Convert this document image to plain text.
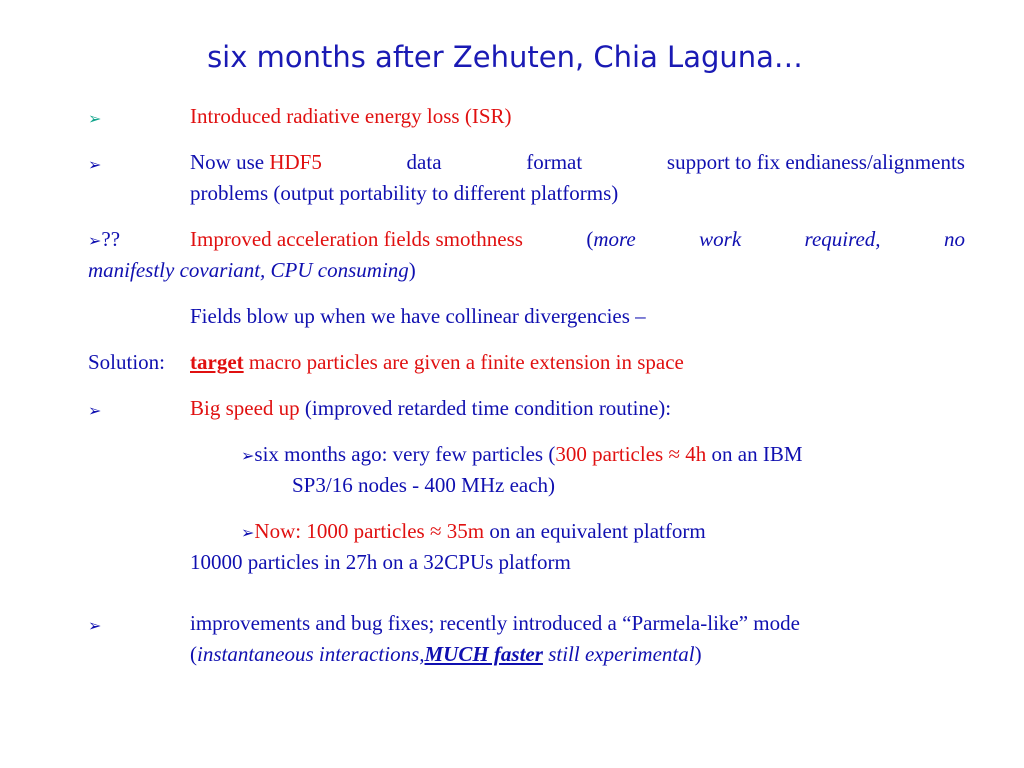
six months after Zehuten, Chia Laguna…
➢	Introduced radiative energy loss (ISR)
➢	Now use HDF5	data	format	support to fix endianess/alignments
problems (output portability to different platforms)
➢??	Improved acceleration fields smothness	(more	work	required,	no
manifestly covariant, CPU consuming)
Fields blow up when we have collinear divergencies –
Solution: target macro particles are given a finite extension in space
➢	Big speed up (improved retarded time condition routine):
➢six months ago: very few particles (300 particles ≈ 4h on an IBM
SP3/16 nodes - 400 MHz each)
➢Now: 1000 particles ≈ 35m on an equivalent platform
10000 particles in 27h on a 32CPUs platform
➢	improvements and bug fixes; recently introduced a “Parmela-like” mode
(instantaneous interactions,MUCH faster still experimental)
